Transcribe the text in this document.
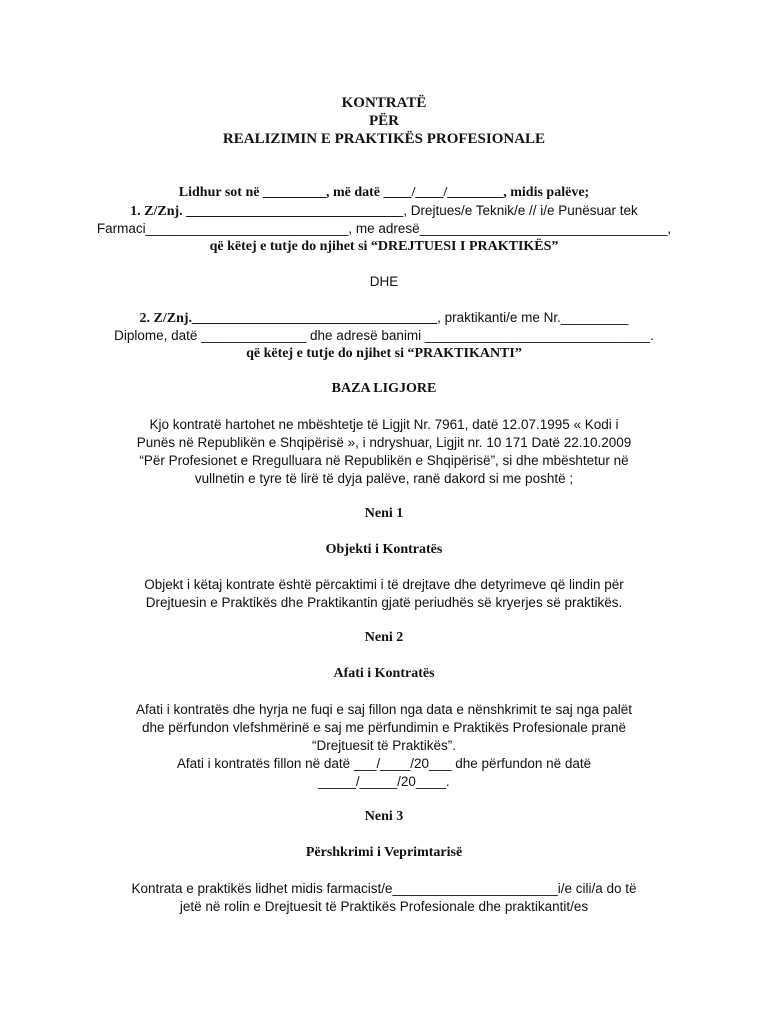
KONTRATË
PËR
REALIZIMIN E PRAKTIKËS PROFESIONALE
Lidhur sot në _________, më datë ____/____/________, midis palëve;
1. Z/Znj. _______________________________, Drejtues/e Teknik/e // i/e Punësuar tek
Farmaci___________________________, me adresë_________________________________,
që këtej e tutje do njihet si “DREJTUESI I PRAKTIKËS”
DHE
2. Z/Znj.___________________________________, praktikanti/e me Nr._________
Diplome, datë ______________ dhe adresë banimi ______________________________.
që këtej e tutje do njihet si “PRAKTIKANTI”
BAZA LIGJORE
Kjo kontratë hartohet ne mbështetje të Ligjit Nr. 7961, datë 12.07.1995 « Kodi i
Punës në Republikën e Shqipërisë », i ndryshuar, Ligjit nr. 10 171 Datë 22.10.2009
“Për Profesionet e Rregulluara në Republikën e Shqipërisë”, si dhe mbështetur në
vullnetin e tyre të lirë të dyja palëve, ranë dakord si me poshtë ;
Neni 1
Objekti i Kontratës
Objekt i këtaj kontrate është përcaktimi i të drejtave dhe detyrimeve që lindin për
Drejtuesin e Praktikës dhe Praktikantin gjatë periudhës së kryerjes së praktikës.
Neni 2
Afati i Kontratës
Afati i kontratës dhe hyrja ne fuqi e saj fillon nga data e nënshkrimit te saj nga palët
dhe përfundon vlefshmërinë e saj me përfundimin e Praktikës Profesionale pranë
“Drejtuesit të Praktikës”.
Afati i kontratës fillon në datë ___/____/20___ dhe përfundon në datë
_____/_____/20____.
Neni 3
Përshkrimi i Veprimtarisë
Kontrata e praktikës lidhet midis farmacist/e______________________i/e cili/a do të
jetë në rolin e Drejtuesit të Praktikës Profesionale dhe praktikantit/es
